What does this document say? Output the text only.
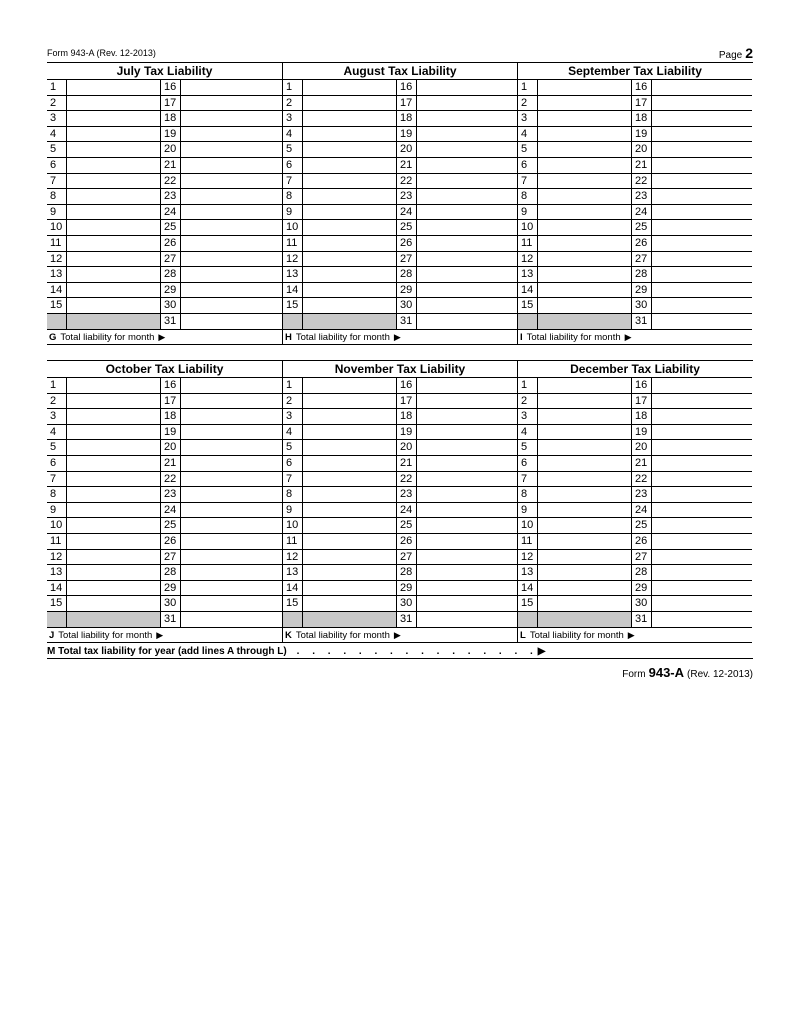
Form 943-A (Rev. 12-2013)	Page 2
July Tax Liability
1	16
2	17
3	18
4	19
5	20
6	21
7	22
8	23
9	24
10	25
11	26
12	27
13	28
14	29
15	30
31
G Total liability for month ▶
August Tax Liability
1	16
2	17
3	18
4	19
5	20
6	21
7	22
8	23
9	24
10	25
11	26
12	27
13	28
14	29
15	30
31
H Total liability for month ▶
September Tax Liability
1	16
2	17
3	18
4	19
5	20
6	21
7	22
8	23
9	24
10	25
11	26
12	27
13	28
14	29
15	30
31
I Total liability for month ▶
October Tax Liability
1	16
2	17
3	18
4	19
5	20
6	21
7	22
8	23
9	24
10	25
11	26
12	27
13	28
14	29
15	30
31
J Total liability for month ▶
November Tax Liability
1	16
2	17
3	18
4	19
5	20
6	21
7	22
8	23
9	24
10	25
11	26
12	27
13	28
14	29
15	30
31
K Total liability for month ▶
December Tax Liability
1	16
2	17
3	18
4	19
5	20
6	21
7	22
8	23
9	24
10	25
11	26
12	27
13	28
14	29
15	30
31
L Total liability for month ▶
M Total tax liability for year (add lines A through L) . . . . . . . . . . . . . . . .▶
Form 943-A (Rev. 12-2013)
